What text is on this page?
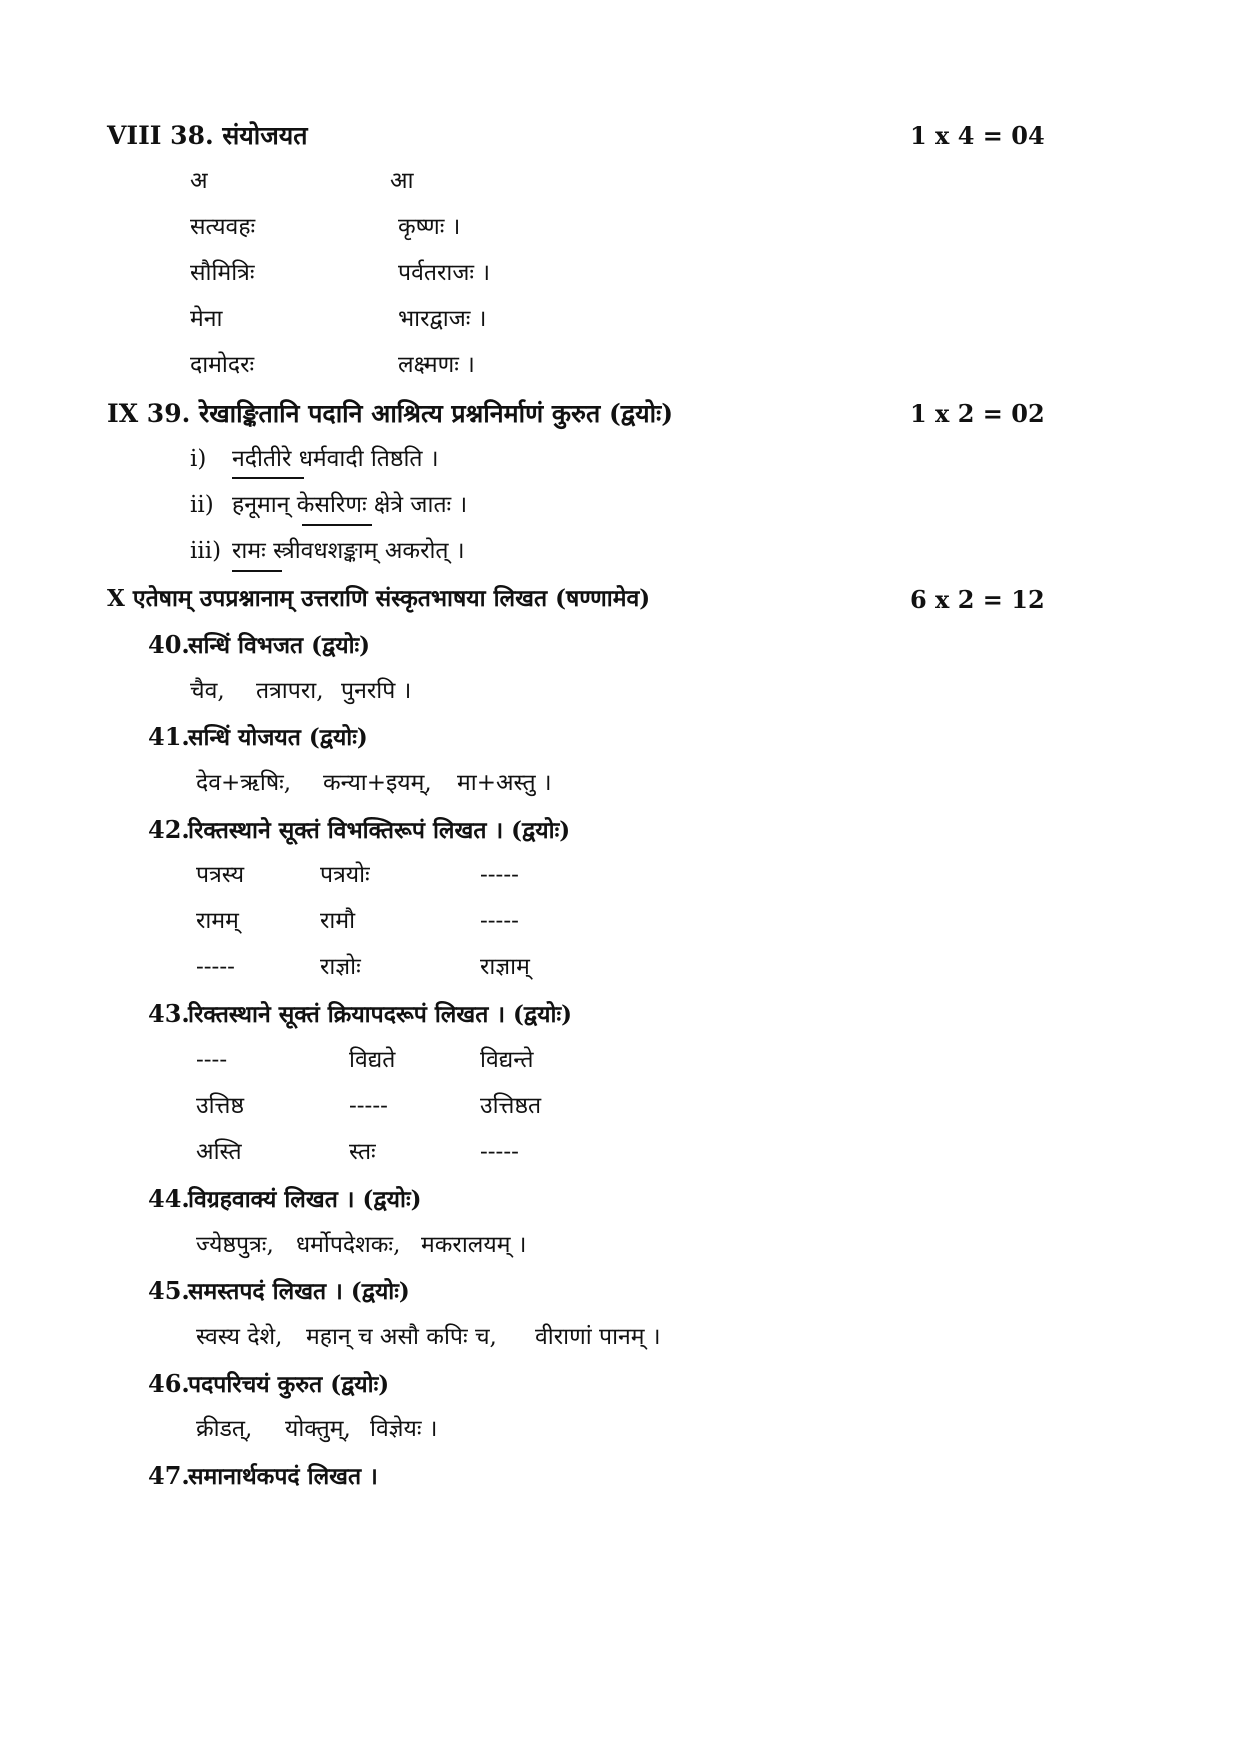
VIII 38. संयोजयत	1 x 4 = 04
अ	आ
सत्यवहः	कृष्णः ।
सौमित्रिः	पर्वतराजः ।
मेना	भारद्वाजः ।
दामोदरः	लक्ष्मणः ।
IX 39. रेखाङ्कितानि पदानि आश्रित्य प्रश्ननिर्माणं कुरुत (द्वयोः)	1 x 2 = 02
i) नदीतीरे धर्मवादी तिष्ठति ।
ii) हनूमान् केसरिणः क्षेत्रे जातः ।
iii) रामः स्त्रीवधशङ्काम् अकरोत् ।
X एतेषाम् उपप्रश्नानाम् उत्तराणि संस्कृतभाषया लिखत (षण्णामेव)	6 x 2 = 12
40.
सन्धिं विभजत (द्वयोः)
चैव, तत्रापरा, पुनरपि ।
41.
सन्धिं योजयत (द्वयोः)
देव+ऋषिः, कन्या+इयम्, मा+अस्तु ।
42.
रिक्तस्थाने सूक्तं विभक्तिरूपं लिखत । (द्वयोः)
पत्रस्य	पत्रयोः	-----
रामम्	रामौ	-----
-----	राज्ञोः	राज्ञाम्
43.
रिक्तस्थाने सूक्तं क्रियापदरूपं लिखत । (द्वयोः)
----	विद्यते	विद्यन्ते
उत्तिष्ठ	-----	उत्तिष्ठत
अस्ति	स्तः	-----
44.
विग्रहवाक्यं लिखत । (द्वयोः)
ज्येष्ठपुत्रः, धर्मोपदेशकः, मकरालयम् ।
45.
समस्तपदं लिखत । (द्वयोः)
स्वस्य देशे, महान् च असौ कपिः च, वीराणां पानम् ।
46.
पदपरिचयं कुरुत (द्वयोः)
क्रीडत्, योक्तुम्, विज्ञेयः ।
47.
समानार्थकपदं लिखत ।
